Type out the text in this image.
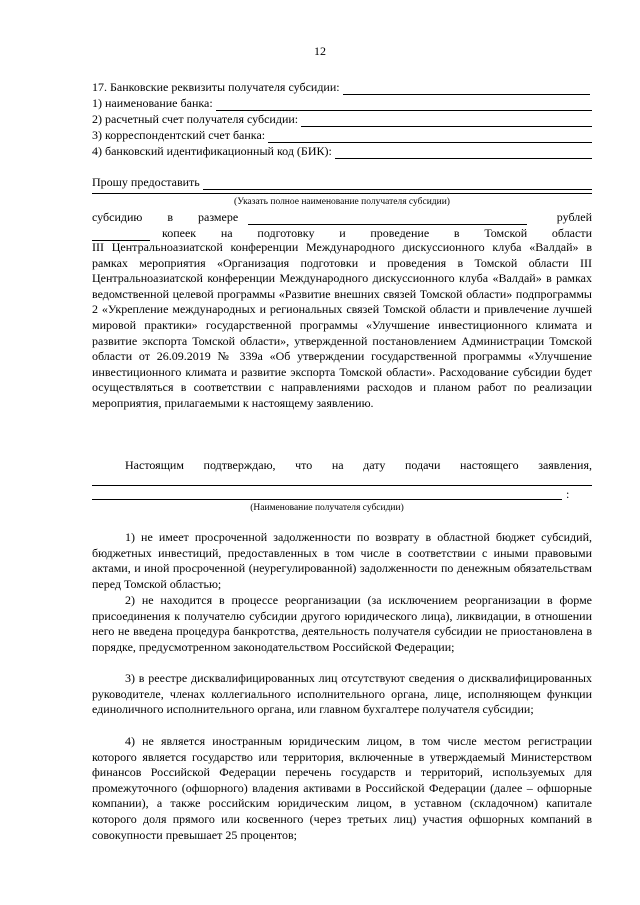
12
17. Банковские реквизиты получателя субсидии:
1) наименование банка:
2) расчетный счет получателя субсидии:
3) корреспондентский счет банка:
4) банковский идентификационный код (БИК):
Прошу предоставить
(Указать полное наименование получателя субсидии)
субсидию в размере	рублей
копеек на подготовку и проведение в Томской области
III Центральноазиатской конференции Международного дискуссионного клуба «Валдай» в рамках мероприятия «Организация подготовки и проведения в Томской области III Центральноазиатской конференции Международного дискуссионного клуба «Валдай» в рамках ведомственной целевой программы «Развитие внешних связей Томской области» подпрограммы 2 «Укрепление международных и региональных связей Томской области и привлечение лучшей мировой практики» государственной программы «Улучшение инвестиционного климата и развитие экспорта Томской области», утвержденной постановлением Администрации Томской области от 26.09.2019 № 339а «Об утверждении государственной программы «Улучшение инвестиционного климата и развитие экспорта Томской области». Расходование субсидии будет осуществляться в соответствии с направлениями расходов и планом работ по реализации мероприятия, прилагаемыми к настоящему заявлению.
Настоящим подтверждаю, что на дату подачи настоящего заявления,
:
(Наименование получателя субсидии)
1) не имеет просроченной задолженности по возврату в областной бюджет субсидий, бюджетных инвестиций, предоставленных в том числе в соответствии с иными правовыми актами, и иной просроченной (неурегулированной) задолженности по денежным обязательствам перед Томской областью;
2) не находится в процессе реорганизации (за исключением реорганизации в форме присоединения к получателю субсидии другого юридического лица), ликвидации, в отношении него не введена процедура банкротства, деятельность получателя субсидии не приостановлена в порядке, предусмотренном законодательством Российской Федерации;
3) в реестре дисквалифицированных лиц отсутствуют сведения о дисквалифицированных руководителе, членах коллегиального исполнительного органа, лице, исполняющем функции единоличного исполнительного органа, или главном бухгалтере получателя субсидии;
4) не является иностранным юридическим лицом, в том числе местом регистрации которого является государство или территория, включенные в утверждаемый Министерством финансов Российской Федерации перечень государств и территорий, используемых для промежуточного (офшорного) владения активами в Российской Федерации (далее – офшорные компании), а также российским юридическим лицом, в уставном (складочном) капитале которого доля прямого или косвенного (через третьих лиц) участия офшорных компаний в совокупности превышает 25 процентов;
